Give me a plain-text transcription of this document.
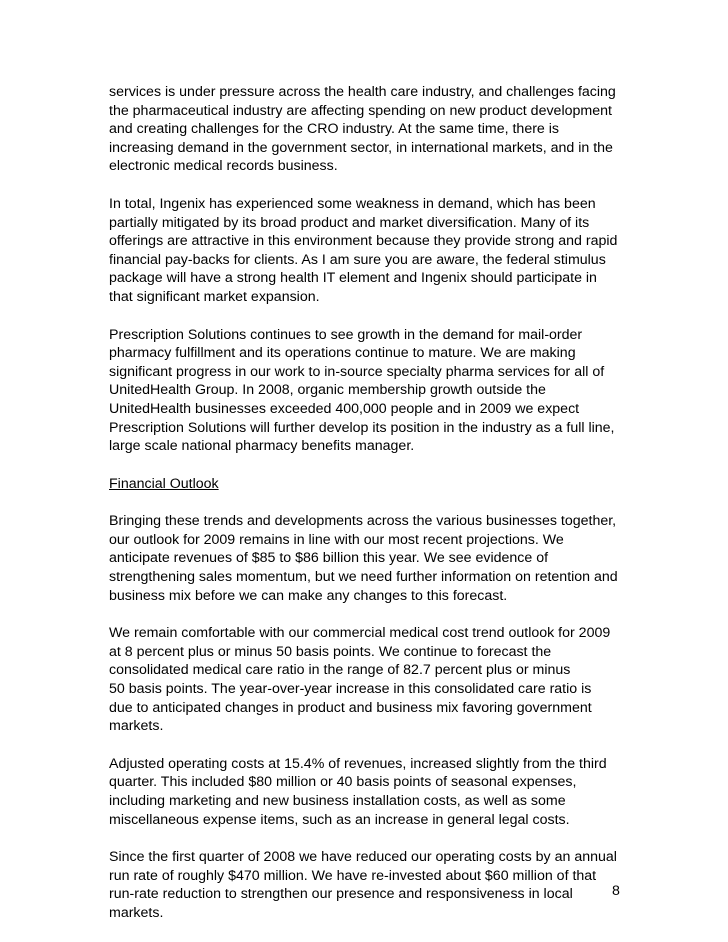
services is under pressure across the health care industry, and challenges facing
the pharmaceutical industry are affecting spending on new product development
and creating challenges for the CRO industry. At the same time, there is
increasing demand in the government sector, in international markets, and in the
electronic medical records business.

In total, Ingenix has experienced some weakness in demand, which has been
partially mitigated by its broad product and market diversification. Many of its
offerings are attractive in this environment because they provide strong and rapid
financial pay-backs for clients. As I am sure you are aware, the federal stimulus
package will have a strong health IT element and Ingenix should participate in
that significant market expansion.

Prescription Solutions continues to see growth in the demand for mail-order
pharmacy fulfillment and its operations continue to mature. We are making
significant progress in our work to in-source specialty pharma services for all of
UnitedHealth Group. In 2008, organic membership growth outside the
UnitedHealth businesses exceeded 400,000 people and in 2009 we expect
Prescription Solutions will further develop its position in the industry as a full line,
large scale national pharmacy benefits manager.

Financial Outlook

Bringing these trends and developments across the various businesses together,
our outlook for 2009 remains in line with our most recent projections. We
anticipate revenues of $85 to $86 billion this year. We see evidence of
strengthening sales momentum, but we need further information on retention and
business mix before we can make any changes to this forecast.

We remain comfortable with our commercial medical cost trend outlook for 2009
at 8 percent plus or minus 50 basis points. We continue to forecast the
consolidated medical care ratio in the range of 82.7 percent plus or minus
50 basis points. The year-over-year increase in this consolidated care ratio is
due to anticipated changes in product and business mix favoring government
markets.

Adjusted operating costs at 15.4% of revenues, increased slightly from the third
quarter. This included $80 million or 40 basis points of seasonal expenses,
including marketing and new business installation costs, as well as some
miscellaneous expense items, such as an increase in general legal costs.

Since the first quarter of 2008 we have reduced our operating costs by an annual
run rate of roughly $470 million. We have re-invested about $60 million of that
run-rate reduction to strengthen our presence and responsiveness in local
markets.

8
